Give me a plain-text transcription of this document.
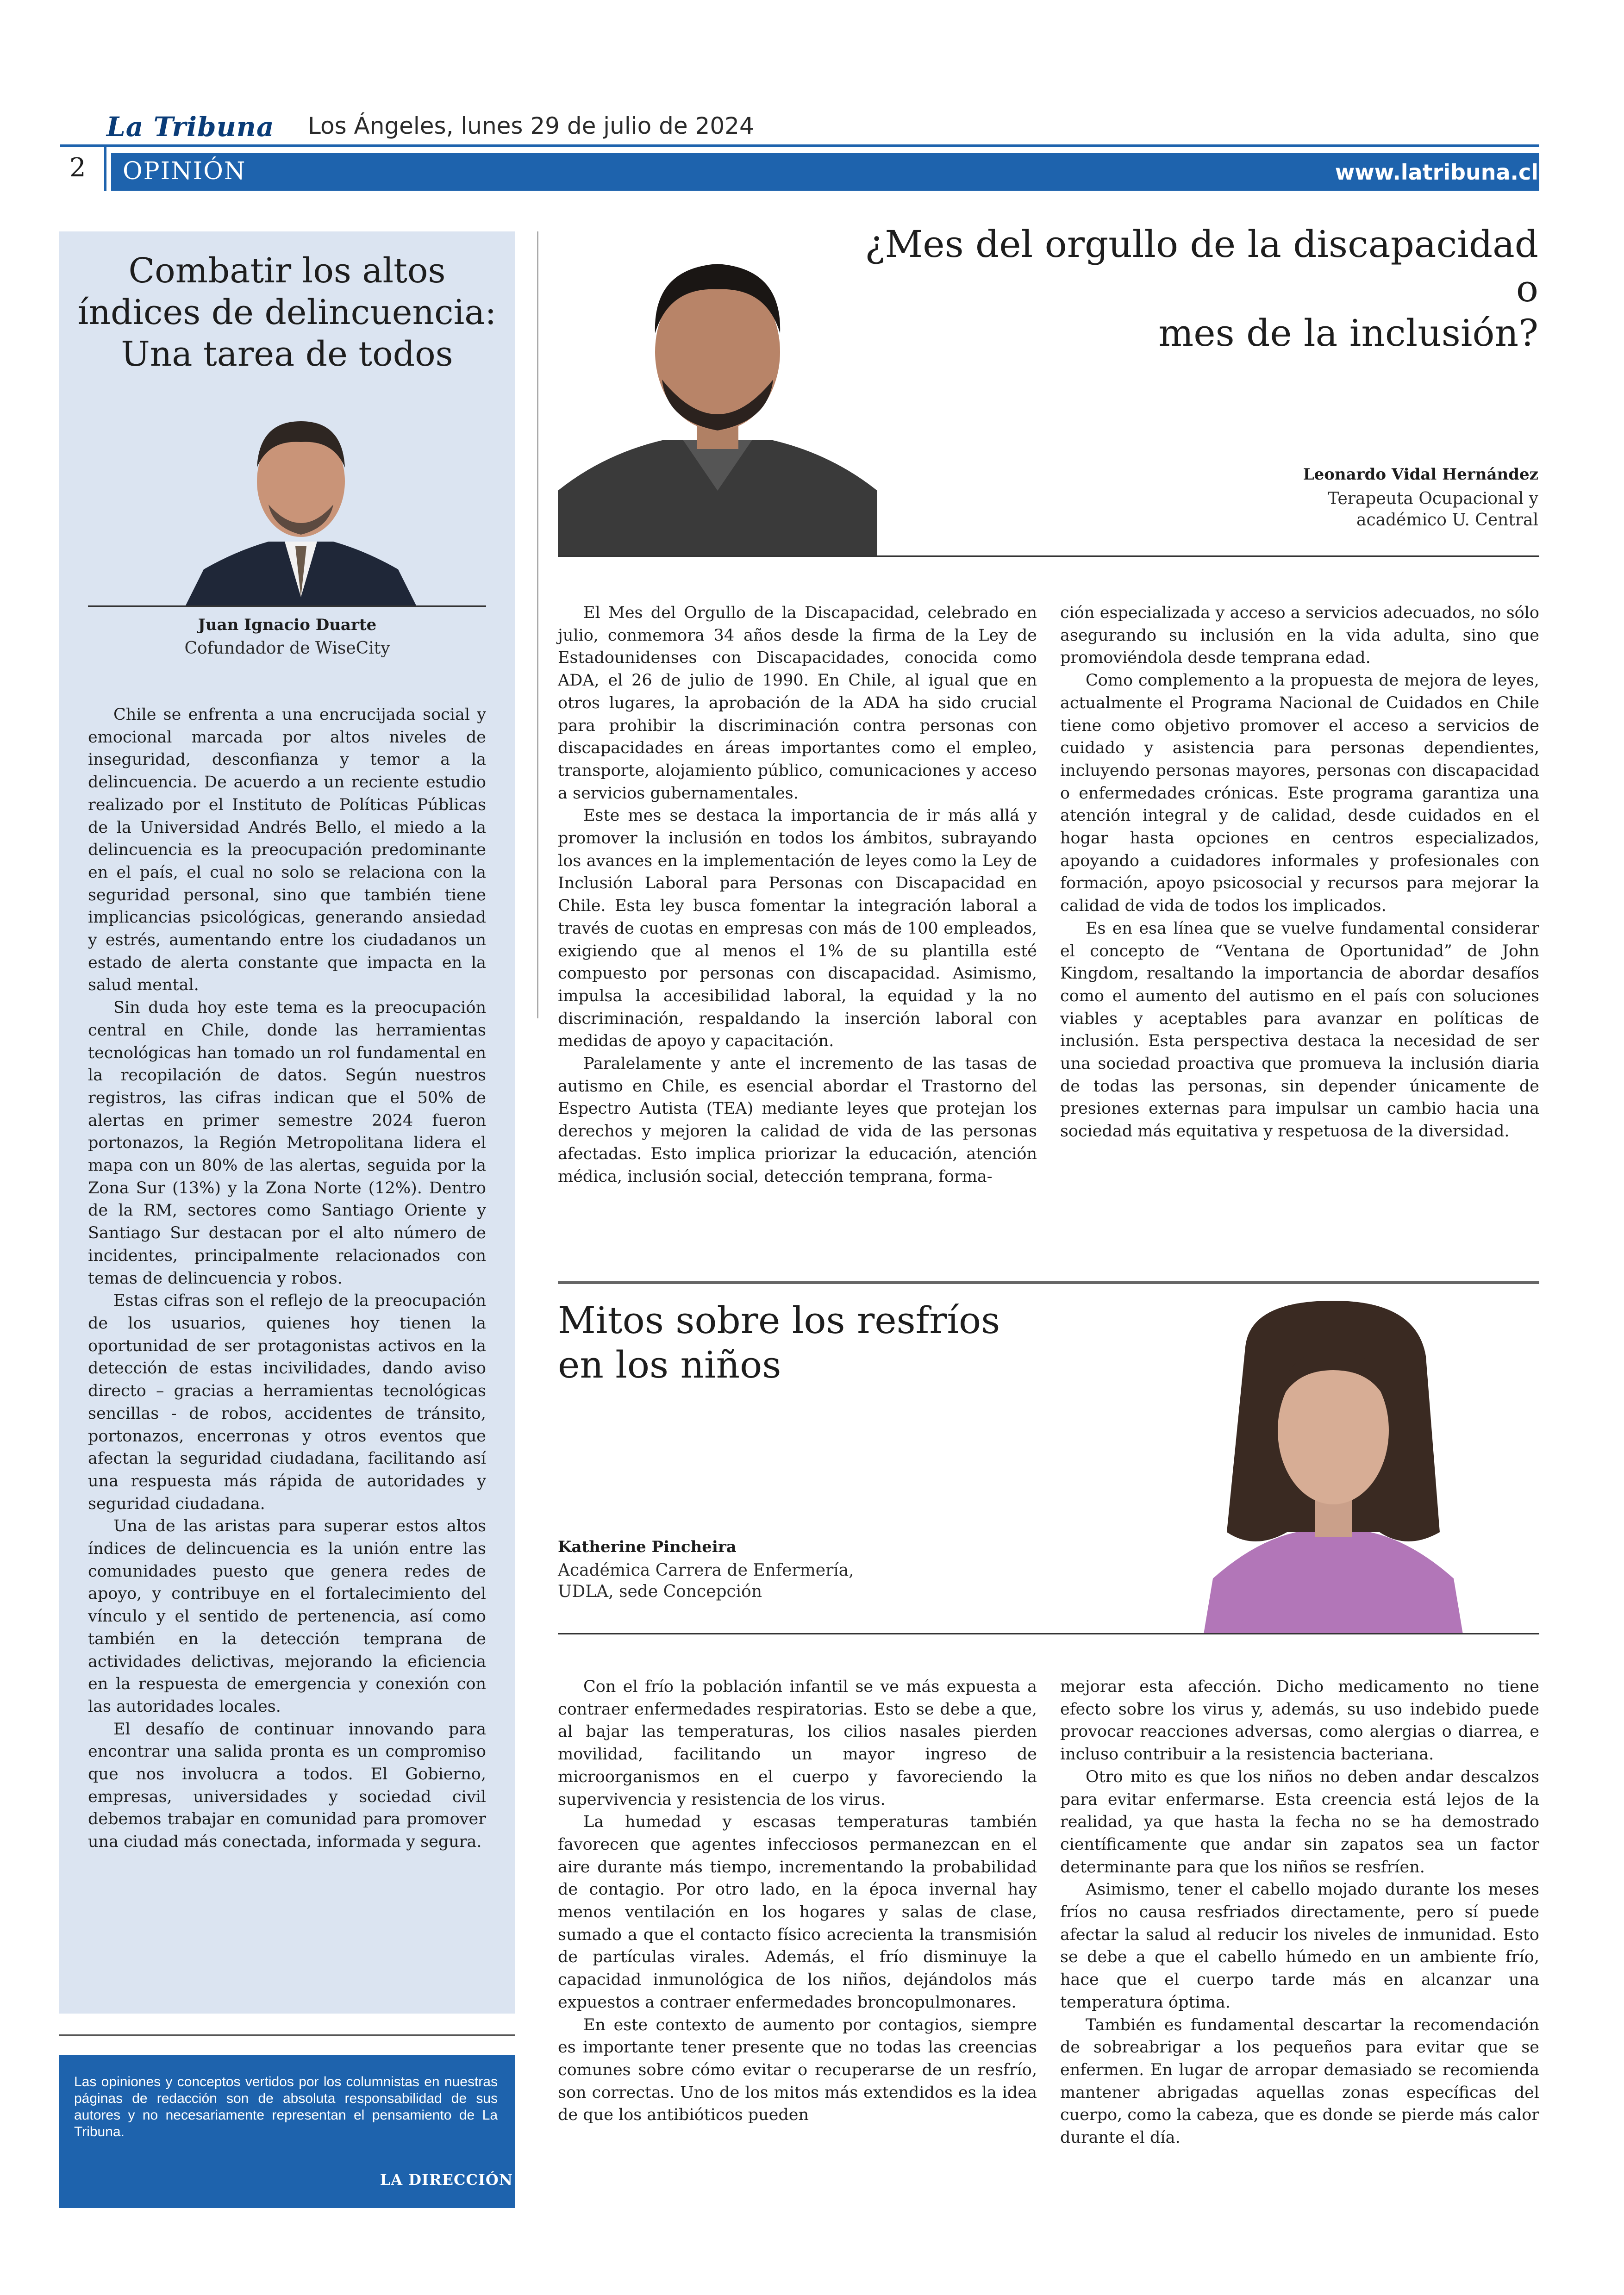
La Tribuna Los Ángeles, lunes 29 de julio de 2024
2 OPINIÓN	www.latribuna.cl
Combatir los altos
índices de delincuencia:
Una tarea de todos
Juan Ignacio Duarte
Cofundador de WiseCity

Chile se enfrenta a una encrucijada social y emocional marcada por altos niveles de inseguridad, desconfianza y temor a la delincuencia. De acuerdo a un reciente estudio realizado por el Instituto de Políticas Públicas de la Universidad Andrés Bello, el miedo a la delincuencia es la preocupación predominante en el país, el cual no solo se relaciona con la seguridad personal, sino que también tiene implicancias psicológicas, generando ansiedad y estrés, aumentando entre los ciudadanos un estado de alerta constante que impacta en la salud mental.

Sin duda hoy este tema es la preocupación central en Chile, donde las herramientas tecnológicas han tomado un rol fundamental en la recopilación de datos. Según nuestros registros, las cifras indican que el 50% de alertas en primer semestre 2024 fueron portonazos, la Región Metropolitana lidera el mapa con un 80% de las alertas, seguida por la Zona Sur (13%) y la Zona Norte (12%). Dentro de la RM, sectores como Santiago Oriente y Santiago Sur destacan por el alto número de incidentes, principalmente relacionados con temas de delincuencia y robos.

Estas cifras son el reflejo de la preocupación de los usuarios, quienes hoy tienen la oportunidad de ser protagonistas activos en la detección de estas incivilidades, dando aviso directo – gracias a herramientas tecnológicas sencillas - de robos, accidentes de tránsito, portonazos, encerronas y otros eventos que afectan la seguridad ciudadana, facilitando así una respuesta más rápida de autoridades y seguridad ciudadana.

Una de las aristas para superar estos altos índices de delincuencia es la unión entre las comunidades puesto que genera redes de apoyo, y contribuye en el fortalecimiento del vínculo y el sentido de pertenencia, así como también en la detección temprana de actividades delictivas, mejorando la eficiencia en la respuesta de emergencia y conexión con las autoridades locales.

El desafío de continuar innovando para encontrar una salida pronta es un compromiso que nos involucra a todos. El Gobierno, empresas, universidades y sociedad civil debemos trabajar en comunidad para promover una ciudad más conectada, informada y segura.

Las opiniones y conceptos vertidos por los columnistas en nuestras páginas de redacción son de absoluta responsabilidad de sus autores y no necesariamente representan el pensamiento de La Tribuna.
LA DIRECCIÓN
¿Mes del orgullo de la discapacidad o
mes de la inclusión?
Leonardo Vidal Hernández
Terapeuta Ocupacional y
académico U. Central

El Mes del Orgullo de la Discapacidad, celebrado en julio, conmemora 34 años desde la firma de la Ley de Estadounidenses con Discapacidades, conocida como ADA, el 26 de julio de 1990. En Chile, al igual que en otros lugares, la aprobación de la ADA ha sido crucial para prohibir la discriminación contra personas con discapacidades en áreas importantes como el empleo, transporte, alojamiento público, comunicaciones y acceso a servicios gubernamentales.

Este mes se destaca la importancia de ir más allá y promover la inclusión en todos los ámbitos, subrayando los avances en la implementación de leyes como la Ley de Inclusión Laboral para Personas con Discapacidad en Chile. Esta ley busca fomentar la integración laboral a través de cuotas en empresas con más de 100 empleados, exigiendo que al menos el 1% de su plantilla esté compuesto por personas con discapacidad. Asimismo, impulsa la accesibilidad laboral, la equidad y la no discriminación, respaldando la inserción laboral con medidas de apoyo y capacitación.

Paralelamente y ante el incremento de las tasas de autismo en Chile, es esencial abordar el Trastorno del Espectro Autista (TEA) mediante leyes que protejan los derechos y mejoren la calidad de vida de las personas afectadas. Esto implica priorizar la educación, atención médica, inclusión social, detección temprana, forma-

ción especializada y acceso a servicios adecuados, no sólo asegurando su inclusión en la vida adulta, sino que promoviéndola desde temprana edad.

Como complemento a la propuesta de mejora de leyes, actualmente el Programa Nacional de Cuidados en Chile tiene como objetivo promover el acceso a servicios de cuidado y asistencia para personas dependientes, incluyendo personas mayores, personas con discapacidad o enfermedades crónicas. Este programa garantiza una atención integral y de calidad, desde cuidados en el hogar hasta opciones en centros especializados, apoyando a cuidadores informales y profesionales con formación, apoyo psicosocial y recursos para mejorar la calidad de vida de todos los implicados.

Es en esa línea que se vuelve fundamental considerar el concepto de “Ventana de Oportunidad” de John Kingdom, resaltando la importancia de abordar desafíos como el aumento del autismo en el país con soluciones viables y aceptables para avanzar en políticas de inclusión. Esta perspectiva destaca la necesidad de ser una sociedad proactiva que promueva la inclusión diaria de todas las personas, sin depender únicamente de presiones externas para impulsar un cambio hacia una sociedad más equitativa y respetuosa de la diversidad.

Mitos sobre los resfríos
en los niños
Katherine Pincheira
Académica Carrera de Enfermería,
UDLA, sede Concepción

Con el frío la población infantil se ve más expuesta a contraer enfermedades respiratorias. Esto se debe a que, al bajar las temperaturas, los cilios nasales pierden movilidad, facilitando un mayor ingreso de microorganismos en el cuerpo y favoreciendo la supervivencia y resistencia de los virus.

La humedad y escasas temperaturas también favorecen que agentes infecciosos permanezcan en el aire durante más tiempo, incrementando la probabilidad de contagio. Por otro lado, en la época invernal hay menos ventilación en los hogares y salas de clase, sumado a que el contacto físico acrecienta la transmisión de partículas virales. Además, el frío disminuye la capacidad inmunológica de los niños, dejándolos más expuestos a contraer enfermedades broncopulmonares.

En este contexto de aumento por contagios, siempre es importante tener presente que no todas las creencias comunes sobre cómo evitar o recuperarse de un resfrío, son correctas. Uno de los mitos más extendidos es la idea de que los antibióticos pueden

mejorar esta afección. Dicho medicamento no tiene efecto sobre los virus y, además, su uso indebido puede provocar reacciones adversas, como alergias o diarrea, e incluso contribuir a la resistencia bacteriana.

Otro mito es que los niños no deben andar descalzos para evitar enfermarse. Esta creencia está lejos de la realidad, ya que hasta la fecha no se ha demostrado científicamente que andar sin zapatos sea un factor determinante para que los niños se resfríen.

Asimismo, tener el cabello mojado durante los meses fríos no causa resfriados directamente, pero sí puede afectar la salud al reducir los niveles de inmunidad. Esto se debe a que el cabello húmedo en un ambiente frío, hace que el cuerpo tarde más en alcanzar una temperatura óptima.

También es fundamental descartar la recomendación de sobreabrigar a los pequeños para evitar que se enfermen. En lugar de arropar demasiado se recomienda mantener abrigadas aquellas zonas específicas del cuerpo, como la cabeza, que es donde se pierde más calor durante el día.
